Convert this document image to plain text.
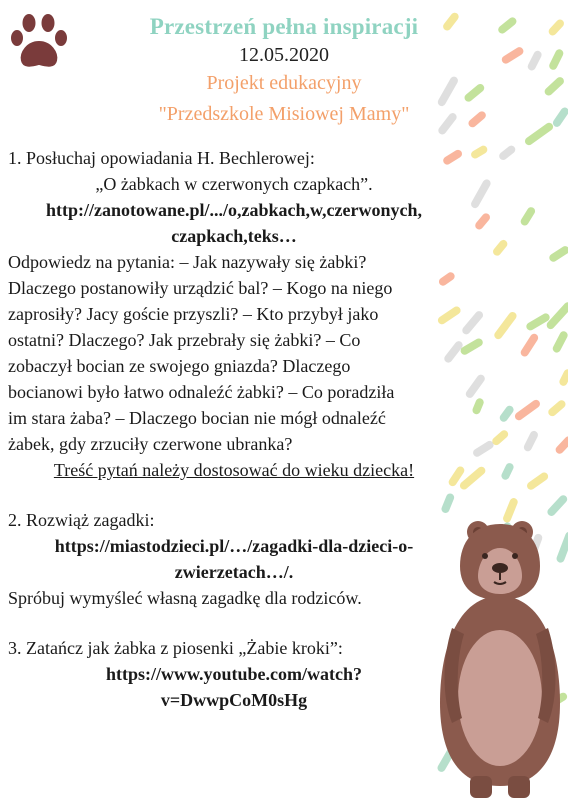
Przestrzeń pełna inspiracji
12.05.2020
Projekt edukacyjny
"Przedszkole Misiowej Mamy"

1. Posłuchaj opowiadania H. Bechlerowej:

„O żabkach w czerwonych czapkach”.

http://zanotowane.pl/.../o,zabkach,w,czerwonych,

czapkach,teks…

Odpowiedz na pytania: – Jak nazywały się żabki?

Dlaczego postanowiły urządzić bal? – Kogo na niego

zaprosiły? Jacy goście przyszli? – Kto przybył jako

ostatni? Dlaczego? Jak przebrały się żabki? – Co

zobaczył bocian ze swojego gniazda? Dlaczego

bocianowi było łatwo odnaleźć żabki? – Co poradziła

im stara żaba? – Dlaczego bocian nie mógł odnaleźć

żabek, gdy zrzuciły czerwone ubranka?

Treść pytań należy dostosować do wieku dziecka!

2. Rozwiąż zagadki:

https://miastodzieci.pl/…/zagadki-dla-dzieci-o-

zwierzetach…/.

Spróbuj wymyśleć własną zagadkę dla rodziców.

3. Zatańcz jak żabka z piosenki „Żabie kroki”:

https://www.youtube.com/watch?

v=DwwpCoM0sHg
